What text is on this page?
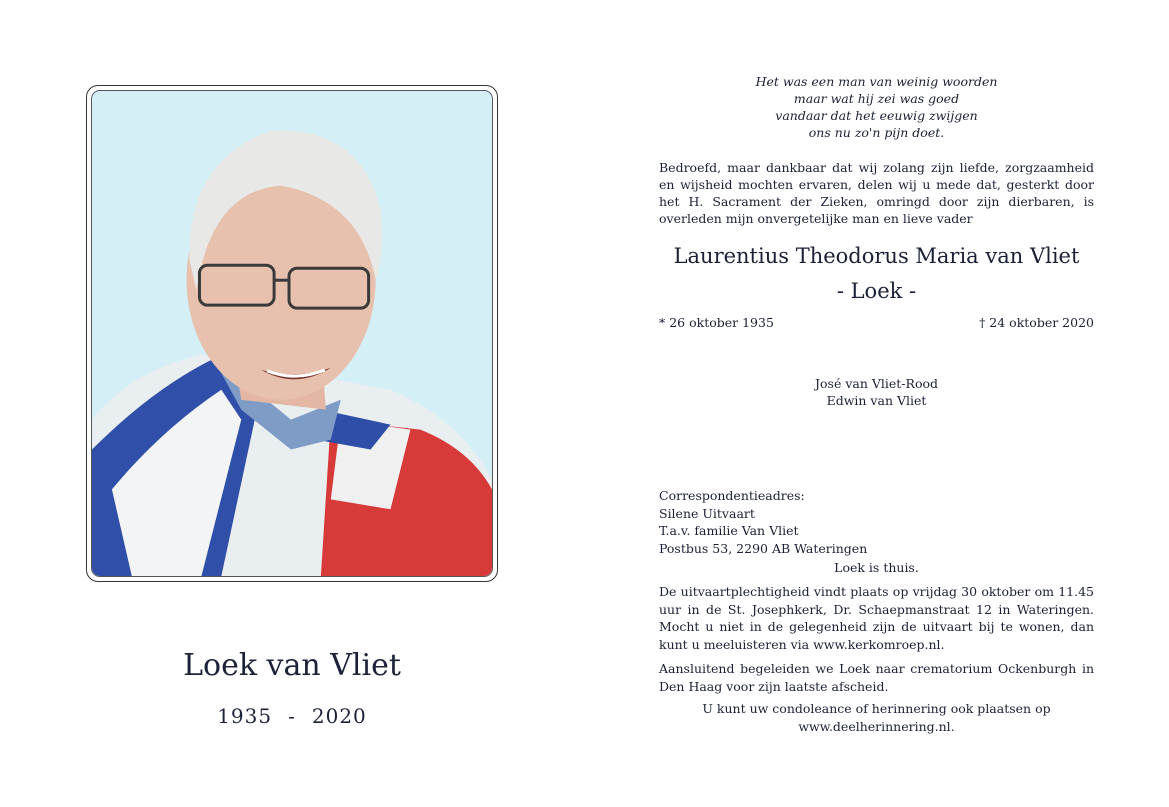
Loek van Vliet
1935 - 2020
Het was een man van weinig woorden
maar wat hij zei was goed
vandaar dat het eeuwig zwijgen
ons nu zo'n pijn doet.

Bedroefd, maar dankbaar dat wij zolang zijn liefde, zorgzaamheid en wijsheid mochten ervaren, delen wij u mede dat, gesterkt door het H. Sacrament der Zieken, omringd door zijn dierbaren, is overleden mijn onvergetelijke man en lieve vader

Laurentius Theodorus Maria van Vliet
- Loek -
* 26 oktober 1935	† 24 oktober 2020
José van Vliet-Rood
Edwin van Vliet
Correspondentieadres:
Silene Uitvaart
T.a.v. familie Van Vliet
Postbus 53, 2290 AB Wateringen
Loek is thuis.

De uitvaartplechtigheid vindt plaats op vrijdag 30 oktober om 11.45 uur in de St. Josephkerk, Dr. Schaepmanstraat 12 in Wateringen. Mocht u niet in de gelegenheid zijn de uitvaart bij te wonen, dan kunt u meeluisteren via www.kerkomroep.nl.

Aansluitend begeleiden we Loek naar crematorium Ockenburgh in Den Haag voor zijn laatste afscheid.

U kunt uw condoleance of herinnering ook plaatsen op
www.deelherinnering.nl.
